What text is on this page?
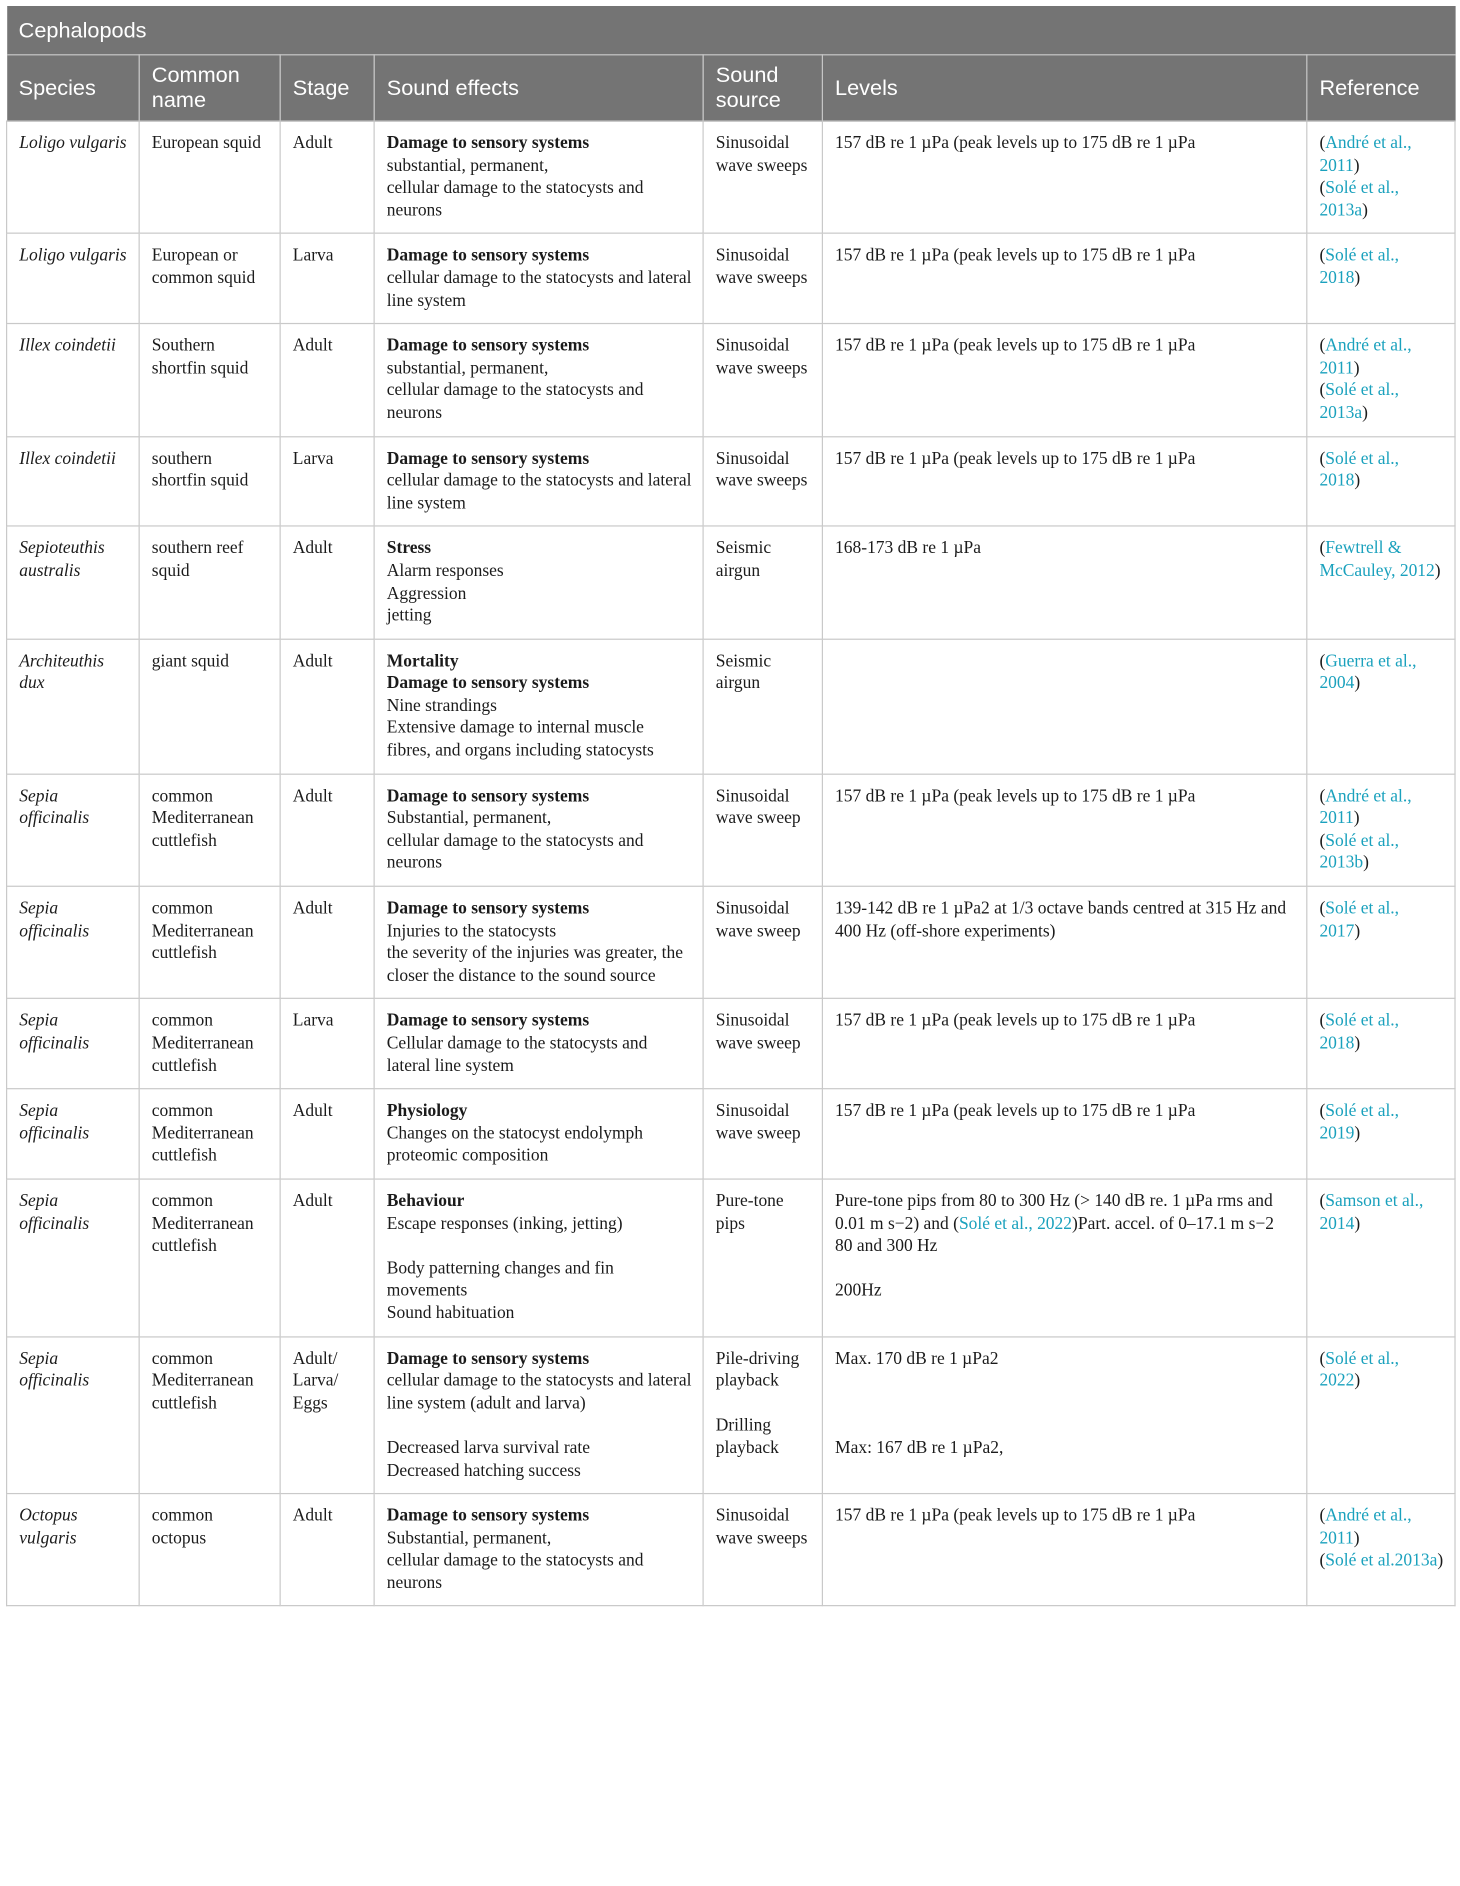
Cephalopods						
Species	Common name	Stage	Sound effects	Sound source	Levels	Reference
Loligo vulgaris	European squid	Adult	Damage to sensory systems
substantial, permanent,
cellular damage to the statocysts and neurons	Sinusoidal wave sweeps	157 dB re 1 µPa (peak levels up to 175 dB re 1 µPa	(André et al., 2011)
(Solé et al., 2013a)

Loligo vulgaris	European or common squid	Larva	Damage to sensory systems
cellular damage to the statocysts and lateral line system	Sinusoidal wave sweeps	157 dB re 1 µPa (peak levels up to 175 dB re 1 µPa	(Solé et al., 2018)

Illex coindetii	Southern shortfin squid	Adult	Damage to sensory systems
substantial, permanent,
cellular damage to the statocysts and neurons	Sinusoidal wave sweeps	157 dB re 1 µPa (peak levels up to 175 dB re 1 µPa	(André et al., 2011)
(Solé et al., 2013a)

Illex coindetii	southern shortfin squid	Larva	Damage to sensory systems
cellular damage to the statocysts and lateral line system	Sinusoidal wave sweeps	157 dB re 1 µPa (peak levels up to 175 dB re 1 µPa	(Solé et al., 2018)

Sepioteuthis australis	southern reef squid	Adult	Stress
Alarm responses
Aggression
jetting	Seismic airgun	168-173 dB re 1 µPa	(Fewtrell & McCauley, 2012)

Architeuthis dux	giant squid	Adult	Mortality
Damage to sensory systems
Nine strandings
Extensive damage to internal muscle fibres, and organs including statocysts	Seismic airgun		(Guerra et al., 2004)

Sepia officinalis	common Mediterranean cuttlefish	Adult	Damage to sensory systems
Substantial, permanent,
cellular damage to the statocysts and neurons	Sinusoidal wave sweep	157 dB re 1 µPa (peak levels up to 175 dB re 1 µPa	(André et al., 2011)
(Solé et al., 2013b)

Sepia officinalis	common Mediterranean cuttlefish	Adult	Damage to sensory systems
Injuries to the statocysts
the severity of the injuries was greater, the closer the distance to the sound source	Sinusoidal wave sweep	139-142 dB re 1 µPa2 at 1/3 octave bands centred at 315 Hz and 400 Hz (off-shore experiments)	(Solé et al., 2017)

Sepia officinalis	common Mediterranean cuttlefish	Larva	Damage to sensory systems
Cellular damage to the statocysts and lateral line system	Sinusoidal wave sweep	157 dB re 1 µPa (peak levels up to 175 dB re 1 µPa	(Solé et al., 2018)

Sepia officinalis	common Mediterranean cuttlefish	Adult	Physiology
Changes on the statocyst endolymph proteomic composition	Sinusoidal wave sweep	157 dB re 1 µPa (peak levels up to 175 dB re 1 µPa	(Solé et al., 2019)

Sepia officinalis	common Mediterranean cuttlefish	Adult	Behaviour
Escape responses (inking, jetting)
Body patterning changes and fin movements
Sound habituation	Pure-tone pips	Pure-tone pips from 80 to 300 Hz (> 140 dB re. 1 µPa rms and 0.01 m s−2) and (Solé et al., 2022)Part. accel. of 0–17.1 m s−2
80 and 300 Hz
200Hz	(Samson et al., 2014)

Sepia officinalis	common Mediterranean cuttlefish	Adult/ Larva/ Eggs	Damage to sensory systems
cellular damage to the statocysts and lateral line system (adult and larva)
Decreased larva survival rate
Decreased hatching success	Pile-driving playback
Drilling playback	Max. 170 dB re 1 µPa2
Max: 167 dB re 1 µPa2,	(Solé et al., 2022)

Octopus vulgaris	common octopus	Adult	Damage to sensory systems
Substantial, permanent,
cellular damage to the statocysts and neurons	Sinusoidal wave sweeps	157 dB re 1 µPa (peak levels up to 175 dB re 1 µPa	(André et al., 2011)
(Solé et al.2013a)
